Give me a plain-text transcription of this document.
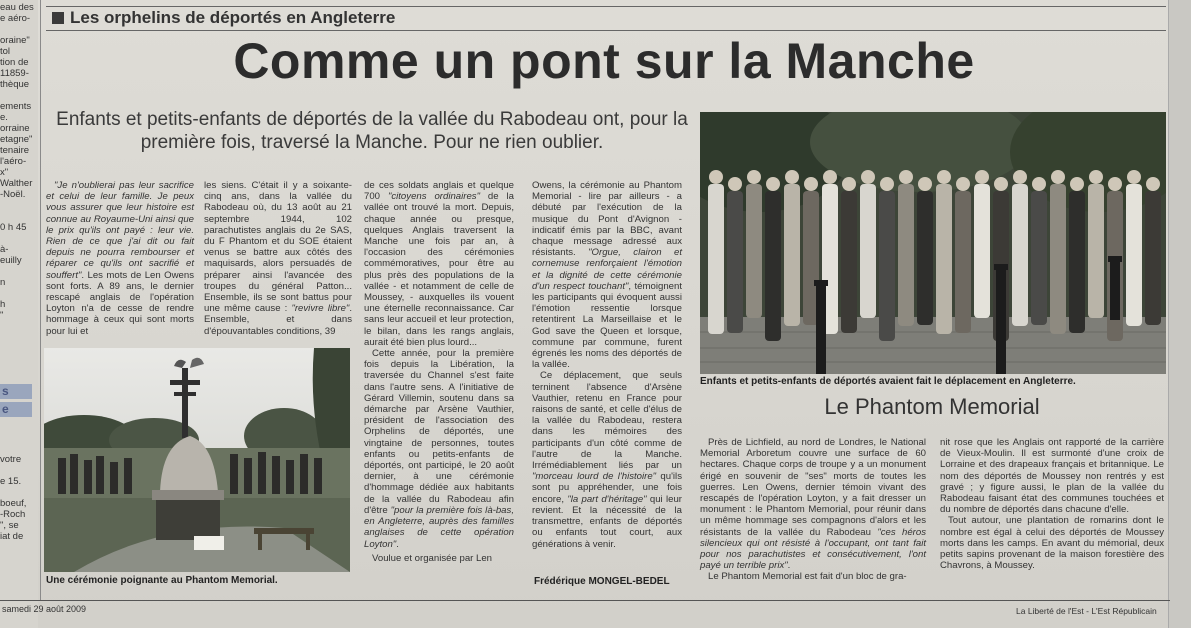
eau des
e aéro-
oraine"
tol
tion de
11859-
thèque
ements
e.
orraine
etagne"
tenaire
l'aéro-
x"
Walther
-Noël.
0 h 45
à-
euilly
n
h
"
s
e
votre
e 15.
boeuf,
-Roch
", se
iat de
Les orphelins de déportés en Angleterre
Comme un pont sur la Manche
Enfants et petits-enfants de déportés de la vallée du Rabodeau ont, pour la première fois, traversé la Manche. Pour ne rien oublier.

"Je n'oublierai pas leur sacrifice et celui de leur famille. Je peux vous assurer que leur histoire est connue au Royaume-Uni ainsi que le prix qu'ils ont payé : leur vie. Rien de ce que j'ai dit ou fait depuis ne pourra rembourser et réparer ce qu'ils ont sacrifié et souffert". Les mots de Len Owens sont forts. A 89 ans, le dernier rescapé anglais de l'opération Loyton n'a de cesse de rendre hommage à ceux qui sont morts pour lui et

les siens. C'était il y a soixante-cinq ans, dans la vallée du Rabodeau où, du 13 août au 21 septembre 1944, 102 parachutistes anglais du 2e SAS, du F Phantom et du SOE étaient venus se battre aux côtés des maquisards, alors persuadés de préparer ainsi l'avancée des troupes du général Patton... Ensemble, ils se sont battus pour une même cause : "revivre libre". Ensemble, et dans d'épouvantables conditions, 39

Une cérémonie poignante au Phantom Memorial.

de ces soldats anglais et quelque 700 "citoyens ordinaires" de la vallée ont trouvé la mort. Depuis, chaque année ou presque, quelques Anglais traversent la Manche une fois par an, à l'occasion des cérémonies commémoratives, pour être au plus près des populations de la vallée - et notamment de celle de Moussey, - auxquelles ils vouent une éternelle reconnaissance. Car sans leur accueil et leur protection, le bilan, dans les rangs anglais, aurait été bien plus lourd...

Cette année, pour la première fois depuis la Libération, la traversée du Channel s'est faite dans l'autre sens. A l'initiative de Gérard Villemin, soutenu dans sa démarche par Arsène Vauthier, président de l'association des Orphelins de déportés, une vingtaine de personnes, toutes enfants ou petits-enfants de déportés, ont participé, le 20 août dernier, à une cérémonie d'hommage dédiée aux habitants de la vallée du Rabodeau afin d'être "pour la première fois là-bas, en Angleterre, auprès des familles anglaises de cette opération Loyton".

Voulue et organisée par Len

Owens, la cérémonie au Phantom Memorial - lire par ailleurs - a débuté par l'exécution de la musique du Pont d'Avignon - indicatif émis par la BBC, avant chaque message adressé aux résistants. "Orgue, clairon et cornemuse renforçaient l'émotion et la dignité de cette cérémonie d'un respect touchant", témoignent les participants qui évoquent aussi l'émotion ressentie lorsque retentirent La Marseillaise et le God save the Queen et lorsque, commune par commune, furent égrenés les noms des déportés de la vallée.

Ce déplacement, que seuls terninent l'absence d'Arsène Vauthier, retenu en France pour raisons de santé, et celle d'élus de la vallée du Rabodeau, restera dans les mémoires des participants d'un côté comme de l'autre de la Manche. Irrémédiablement liés par un "morceau lourd de l'histoire" qu'ils sont pu appréhender, une fois encore, "la part d'héritage" qui leur revient. Et la nécessité de la transmettre, enfants de déportés ou enfants tout court, aux générations à venir.

Frédérique MONGEL-BEDEL
Enfants et petits-enfants de déportés avaient fait le déplacement en Angleterre.
Le Phantom Memorial

Près de Lichfield, au nord de Londres, le National Memorial Arboretum couvre une surface de 60 hectares. Chaque corps de troupe y a un monument érigé en souvenir de "ses" morts de toutes les guerres. Len Owens, dernier témoin vivant des rescapés de l'opération Loyton, y a fait dresser un monument : le Phantom Memorial, pour réunir dans un même hommage ses compagnons d'alors et les résistants de la vallée du Rabodeau "ces héros silencieux qui ont résisté à l'occupant, ont tant fait pour nos parachutistes et consécutivement, l'ont payé un terrible prix".

Le Phantom Memorial est fait d'un bloc de gra-

nit rose que les Anglais ont rapporté de la carrière de Vieux-Moulin. Il est surmonté d'une croix de Lorraine et des drapeaux français et britannique. Le nom des déportés de Moussey non rentrés y est gravé ; y figure aussi, le plan de la vallée du Rabodeau faisant état des communes touchées et du nombre de déportés dans chacune d'elle.

Tout autour, une plantation de romarins dont le nombre est égal à celui des déportés de Moussey morts dans les camps. En avant du mémorial, deux petits sapins provenant de la maison forestière des Chavrons, à Moussey.

samedi 29 août 2009	La Liberté de l'Est - L'Est Républicain
